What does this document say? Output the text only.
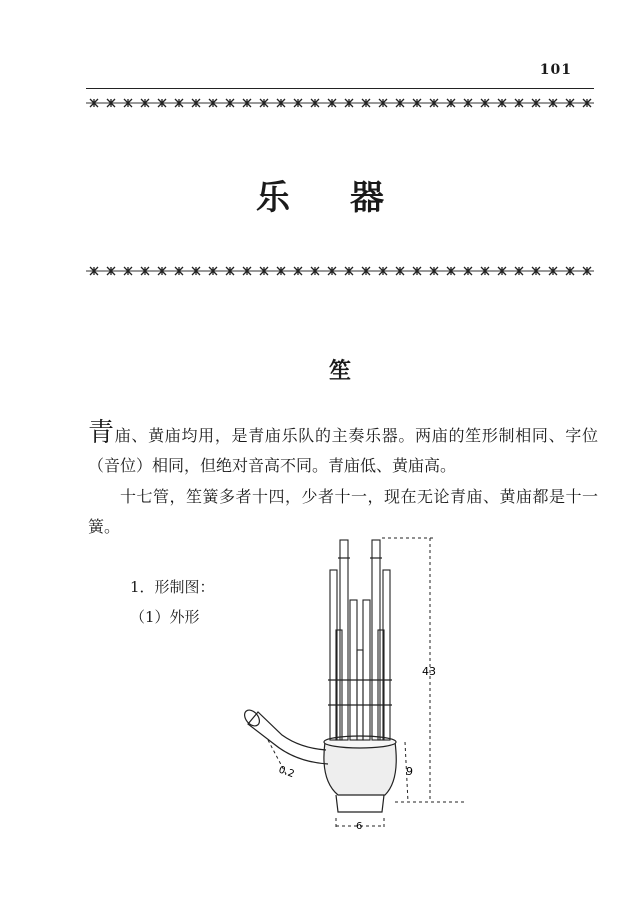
101
乐 器
笙
青庙、黄庙均用，是青庙乐队的主奏乐器。两庙的笙形制相同、字位（音位）相同，但绝对音高不同。青庙低、黄庙高。
十七管，笙簧多者十四，少者十一，现在无论青庙、黄庙都是十一簧。
1．形制图：
（1）外形
43
9
0.2
6
